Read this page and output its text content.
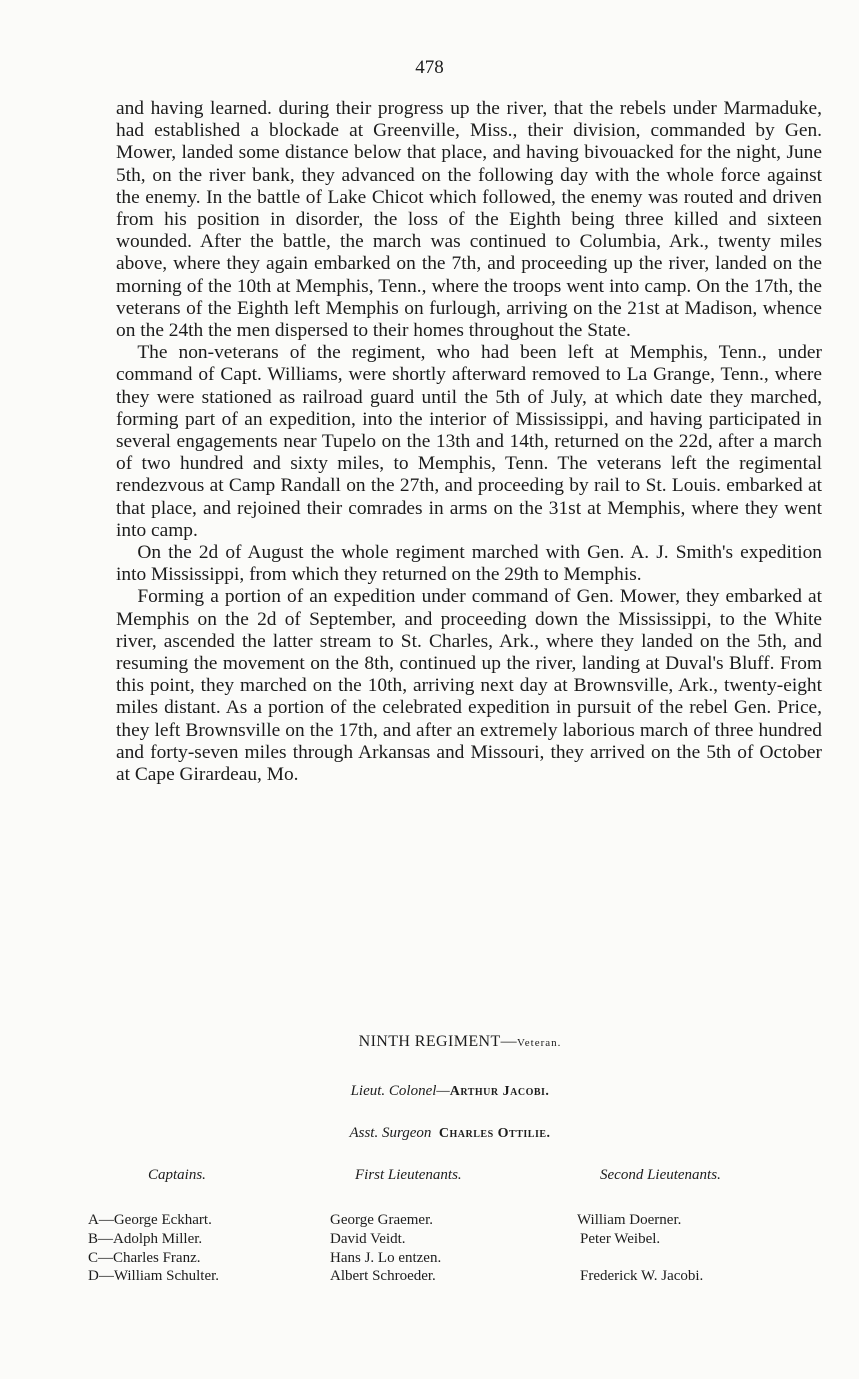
478

and having learned. during their progress up the river, that the rebels under Marmaduke, had established a blockade at Greenville, Miss., their division, commanded by Gen. Mower, landed some distance below that place, and having bivouacked for the night, June 5th, on the river bank, they advanced on the following day with the whole force against the enemy. In the battle of Lake Chicot which followed, the enemy was routed and driven from his position in disorder, the loss of the Eighth being three killed and sixteen wounded. After the battle, the march was continued to Columbia, Ark., twenty miles above, where they again embarked on the 7th, and proceeding up the river, landed on the morning of the 10th at Memphis, Tenn., where the troops went into camp. On the 17th, the veterans of the Eighth left Memphis on furlough, arriving on the 21st at Madison, whence on the 24th the men dispersed to their homes throughout the State.

The non-veterans of the regiment, who had been left at Memphis, Tenn., under command of Capt. Williams, were shortly afterward removed to La Grange, Tenn., where they were stationed as railroad guard until the 5th of July, at which date they marched, forming part of an expedition, into the interior of Mississippi, and having participated in several engagements near Tupelo on the 13th and 14th, returned on the 22d, after a march of two hundred and sixty miles, to Memphis, Tenn. The veterans left the regimental rendezvous at Camp Randall on the 27th, and proceeding by rail to St. Louis. embarked at that place, and rejoined their comrades in arms on the 31st at Memphis, where they went into camp.

On the 2d of August the whole regiment marched with Gen. A. J. Smith's expedition into Mississippi, from which they returned on the 29th to Memphis.

Forming a portion of an expedition under command of Gen. Mower, they embarked at Memphis on the 2d of September, and proceeding down the Mississippi, to the White river, ascended the latter stream to St. Charles, Ark., where they landed on the 5th, and resuming the movement on the 8th, continued up the river, landing at Duval's Bluff. From this point, they marched on the 10th, arriving next day at Brownsville, Ark., twenty-eight miles distant. As a portion of the celebrated expedition in pursuit of the rebel Gen. Price, they left Brownsville on the 17th, and after an extremely laborious march of three hundred and forty-seven miles through Arkansas and Missouri, they arrived on the 5th of October at Cape Girardeau, Mo.

NINTH REGIMENT—Veteran.
Lieut. Colonel—Arthur Jacobi.
Asst. Surgeon Charles Ottilie.
Captains.	First Lieutenants.	Second Lieutenants.
A—George Eckhart.
B—Adolph Miller.
C—Charles Franz.
D—William Schulter.
George Graemer.
David Veidt.
Hans J. Lo entzen.
Albert Schroeder.
William Doerner.
Peter Weibel.
Frederick W. Jacobi.
